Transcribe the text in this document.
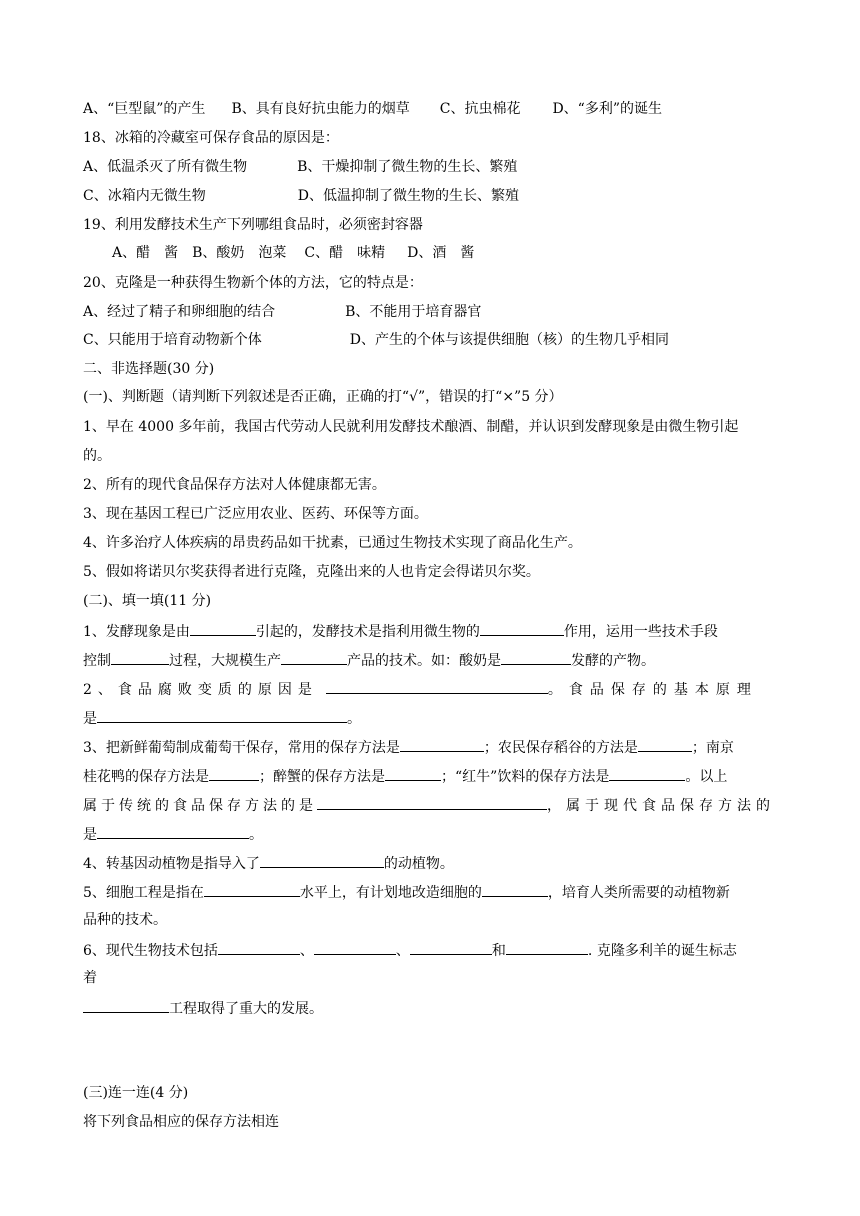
A、“巨型鼠”的产生 B、具有良好抗虫能力的烟草 C、抗虫棉花 D、“多利”的诞生
18、冰箱的冷藏室可保存食品的原因是：
A、低温杀灭了所有微生物	B、干燥抑制了微生物的生长、繁殖
C、冰箱内无微生物	D、低温抑制了微生物的生长、繁殖
19、利用发酵技术生产下列哪组食品时，必须密封容器
A、醋　酱 B、酸奶　泡菜 C、醋　味精 D、酒　酱
20、克隆是一种获得生物新个体的方法，它的特点是：
A、经过了精子和卵细胞的结合	B、不能用于培育器官
C、只能用于培育动物新个体	D、产生的个体与该提供细胞（核）的生物几乎相同
二、非选择题(30 分)
(一)、判断题（请判断下列叙述是否正确，正确的打“√”，错误的打“×”5 分）
1、早在 4000 多年前，我国古代劳动人民就利用发酵技术酿酒、制醋，并认识到发酵现象是由微生物引起
的。
2、所有的现代食品保存方法对人体健康都无害。
3、现在基因工程已广泛应用农业、医药、环保等方面。
4、许多治疗人体疾病的昂贵药品如干扰素，已通过生物技术实现了商品化生产。
5、假如将诺贝尔奖获得者进行克隆，克隆出来的人也肯定会得诺贝尔奖。
(二)、填一填(11 分)
1、发酵现象是由	引起的，发酵技术是指利用微生物的	作用，运用一些技术手段
控制	过程，大规模生产	产品的技术。如：酸奶是	发酵的产物。
2、食品腐败变质的原因是	。食品保存的基本原理
是	。
3、把新鲜葡萄制成葡萄干保存，常用的保存方法是	；农民保存稻谷的方法是	；南京
桂花鸭的保存方法是	；醉蟹的保存方法是	；“红牛”饮料的保存方法是	。以上
属于传统的食品保存方法的是	，属于现代食品保存方法的
是	。
4、转基因动植物是指导入了	的动植物。
5、细胞工程是指在	水平上，有计划地改造细胞的	，培育人类所需要的动植物新
品种的技术。
6、现代生物技术包括	、	、	和	. 克隆多利羊的诞生标志
着
工程取得了重大的发展。
(三)连一连(4 分)
将下列食品相应的保存方法相连
